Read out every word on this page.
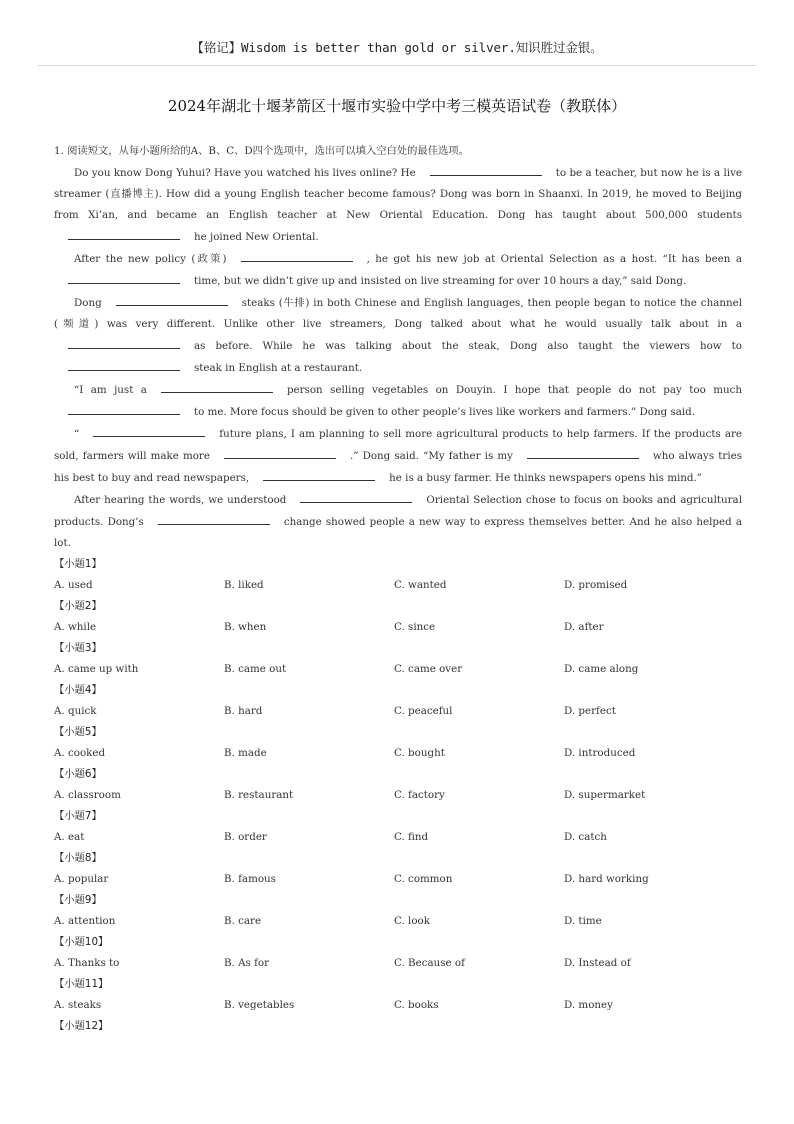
【铭记】Wisdom is better than gold or silver.知识胜过金银。
2024年湖北十堰茅箭区十堰市实验中学中考三模英语试卷（教联体）

1. 阅读短文，从每小题所给的A、B、C、D四个选项中，选出可以填入空白处的最佳选项。

Do you know Dong Yuhui? Have you watched his lives online? He	to be a teacher, but now he is a live streamer (直播博主). How did a young English teacher become famous? Dong was born in Shaanxi. In 2019, he moved to Beijing from Xi’an, and became an English teacher at New Oriental Education. Dong has taught about 500,000 studentshe joined New Oriental.

After the new policy (政策)	, he got his new job at Oriental Selection as a host. “It has been atime, but we didn’t give up and insisted on live streaming for over 10 hours a day,” said Dong.

Dong	steaks (牛排) in both Chinese and English languages, then people began to notice the channel (频道) was very different. Unlike other live streamers, Dong talked about what he would usually talk about in aas before. While he was talking about the steak, Dong also taught the viewers how tosteak in English at a restaurant.

“I am just a	person selling vegetables on Douyin. I hope that people do not pay too muchto me. More focus should be given to other people’s lives like workers and farmers.” Dong said.

“	future plans, I am planning to sell more agricultural products to help farmers. If the products are sold, farmers will make more	.” Dong said. “My father is my	who always tries his best to buy and read newspapers,	he is a busy farmer. He thinks newspapers opens his mind.”

After hearing the words, we understood	Oriental Selection chose to focus on books and agricultural products. Dong’s	change showed people a new way to express themselves better. And he also helped a lot.

【小题1】
A. used	B. liked	C. wanted	D. promised
【小题2】
A. while	B. when	C. since	D. after
【小题3】
A. came up with	B. came out	C. came over	D. came along
【小题4】
A. quick	B. hard	C. peaceful	D. perfect
【小题5】
A. cooked	B. made	C. bought	D. introduced
【小题6】
A. classroom	B. restaurant	C. factory	D. supermarket
【小题7】
A. eat	B. order	C. find	D. catch
【小题8】
A. popular	B. famous	C. common	D. hard working
【小题9】
A. attention	B. care	C. look	D. time
【小题10】
A. Thanks to	B. As for	C. Because of	D. Instead of
【小题11】
A. steaks	B. vegetables	C. books	D. money
【小题12】
